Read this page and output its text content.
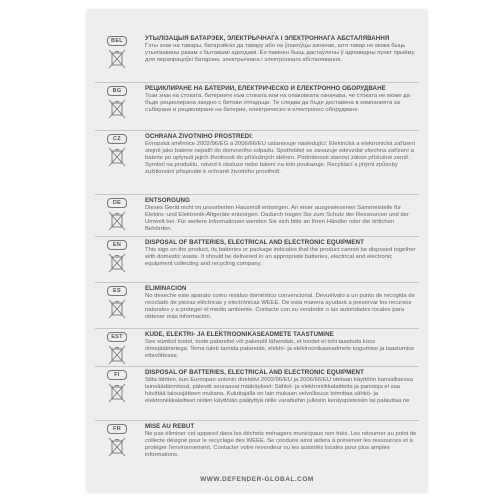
BEL	УТЫЛІЗАЦЫЯ БАТАРЭЕК, ЭЛЕКТРЫЧНАГА І ЭЛЕКТРОННАГА АБСТАЛЯВАННЯ
Гэты знак на тавары, батарэйках да тавару або на ўпакоўцы азначае, што тавар не можа быць утылізаваны разам з бытавымі адходамі. Ён павінен быць дастаўлены ў адпаведны пункт прыёму для перапрацоўкі батарэек, электрычнага і электроннага абсталявання.
BG	РЕЦИКЛИРАНЕ НА БАТЕРИИ, ЕЛЕКТРИЧЕСКО И ЕЛЕКТРОННО ОБОРУДВАНЕ
Този знак на стоката, батериите към стоката или на опаковката означава, че стоката не може да бъде рециклирана заедно с битови отпадъци. Те следва да бъде доставена в компанията за събиране и рециклиране на батерии, електрическо и електронно оборудване.
CZ	OCHRANA ŽIVOTNÍHO PROSTŘEDÍ:
Evropská směrnice 2002/96/EG a 2006/66/EU ustanovuje následující: Elektrická a elektronická zařízení stejně jako baterie nepatří do domovního odpadu. Spotřebitel se zavazuje odevzdat všechna zařízení a baterie po uplynutí jejich životnosti do příslušných sběren. Podrobnosti stanoví zákon příslušné země. Symbol na produktu, návod k obsluze nebo balení na toto poukazuje. Recyklací a jinými způsoby zužitkování přispíváte k ochraně životního prostředí.
DE	ENTSORGUNG
Dieses Gerät nicht im unsortierten Hausmüll entsorgen. An einer ausgewiesenen Sammelstelle für Elektro- und Elektronik-Altgeräte entsorgen. Dadurch tragen Sie zum Schutz der Ressourcen und der Umwelt bei. Für weitere Informationen wenden Sie sich bitte an Ihren Händler oder die örtlichen Behörden.
EN	DISPOSAL OF BATTERIES, ELECTRICAL AND ELECTRONIC EQUIPMENT
This sign on the product, its batteries or package indicates that the product cannot be disposed together with domestic waste. It should be delivered to an appropriate batteries, electrical and electronic equipment collecting and recycling company.
ES	ELIMINACIÓN
No deseche este aparato como residuo doméstico convencional. Devuélvalo a un punto de recogida de reciclado de piezas eléctricas y electrónicas WEEE. De esta manera ayudará a preservar los recursos naturales y a proteger el medio ambiente. Contacte con su vendedor o las autoridades locales para obtener más información.
EST	KUDE, ELEKTRI- JA ELEKTROONIKASEADMETE TAASTUMINE
See sümbol tootel, toote patareitel või pakendil tähendab, et toodet ei tohi taastuda koos olmejäätmetega. Tema tuleb tarnida patareide, elektri- ja elektroonikaseadmete kogumise ja taastumise ettevõttesse.
FI	DISPOSAL OF BATTERIES, ELECTRICAL AND ELECTRONIC EQUIPMENT
Sitta lähtien, kun Euroopan unionin direktiivi 2002/96/EU ja 2006/66/EU otetaan käyttöön kansallisessa lainsäädännössä, pätevät seuraavat määräykset: Sähkö- ja elektroniikkalaitteita ja paristoja ei saa hävittää talousjätteen mukana. Kuluttajalla on lain mukaan velvollisuus toimittaa sähkö- ja elektroniikkalaitteet niiden käyttöiän päätyttyä niille varattuihin julkisiin keräyspisteisiin tai palauttaa ne
FR	MISE AU REBUT
Ne pas éliminer cet appareil dans les déchets ménagers municipaux non triés. Les retourner au point de collecte désigné pour le recyclage des WEEE. Se conduire ainsi aidera à préserver les ressources et à protéger l'environnement. Contacter votre revendeur ou les autorités locales pour plus amples informations.
WWW.DEFENDER-GLOBAL.COM
